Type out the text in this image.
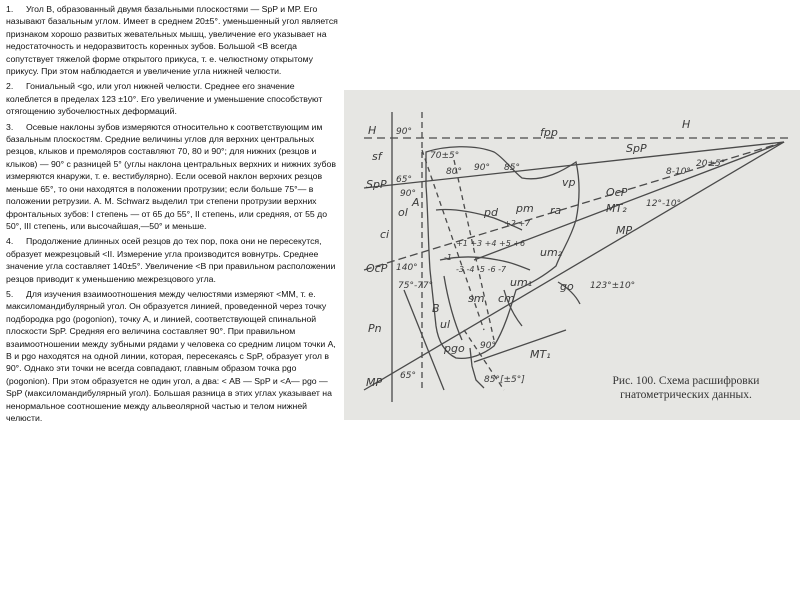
1. Угол В, образованный двумя базальными плоскостями — SpP и МР. Его называют базальным углом. Имеет в среднем 20±5°. уменьшенный угол является признаком хорошо развитых жевательных мышц, увеличение его указывает на недостаточность и недоразвитость коренных зубов. Большой <B всегда сопутствует тяжелой форме открытого прикуса, т. е. челюстному открытому прикусу. При этом наблюдается и увеличение угла нижней челюсти.

2. Гониальный <go, или угол нижней челюсти. Среднее его значение колеблется в пределах 123 ±10°. Его увеличение и уменьшение способствуют отягощению зубочелюстных деформаций.

3. Осевые наклоны зубов измеряются относительно к соответствующим им базальным плоскостям. Средние величины углов для верхних центральных резцов, клыков и премоляров составляют 70, 80 и 90°; для нижних (резцов и клыков) — 90° с разницей 5° (углы наклона центральных верхних и нижних зубов измеряются кнаружи, т. е. вестибулярно). Если осевой наклон верхних резцов меньше 65°, то они находятся в положении протрузии; если больше 75°— в положении ретрузии. А. М. Schwarz выделил три степени протрузии верхних фронтальных зубов: I степень — от 65 до 55°, II степень, или средняя, от 55 до 50°, III степень, или высочайшая,—50° и меньше.

4. Продолжение длинных осей резцов до тех пор, пока они не пересекутся, образует межрезцовый <II. Измерение угла производится вовнутрь. Среднее значение угла составляет 140±5°. Увеличение <B при правильном расположении резцов приводит к уменьшению межрезцового угла.

5. Для изучения взаимоотношения между челюстями измеряют <ММ, т. е. максиломандибулярный угол. Он образуется линией, проведенной через точку подбородка pgo (pogonion), точку А, и линией, соответствующей спинальной плоскости SpP. Средняя его величина составляет 90°. При правильном взаимоотношении между зубными рядами у человека со средним лицом точки А, В и pgo находятся на одной линии, которая, пересекаясь с SpP, образует угол в 90°. Однако эти точки не всегда совпадают, главным образом точка pgo (pogonion). При этом образуется не один угол, а два: < АВ — SpP и <А— pgo — SpP (максиломандибулярный угол). Большая разница в этих углах указывает на ненормальное соотношение между альвеолярной частью и телом нижней челюсти.

H	H
90°
70±5°
80° 90° 85°
sf
fpp
vp
SpP
SpP
65°
90°
8-10°
20±5°
OcP
MT₂ 12°-10°
MP
ol	pd pm ra
A
+1 +3 +4 +5 +6
+2 +7
-3 -4 -5 -6 -7
-1
OcP 140°
75°-77°	um₁
um₂
cm
sm
B
ul
go
ci
123°±10°
Pn
pgo 90°
MT₁
MP 65°	85°[±5°]	Рис. 100. Схема расшифровки гнатометрических данных.
